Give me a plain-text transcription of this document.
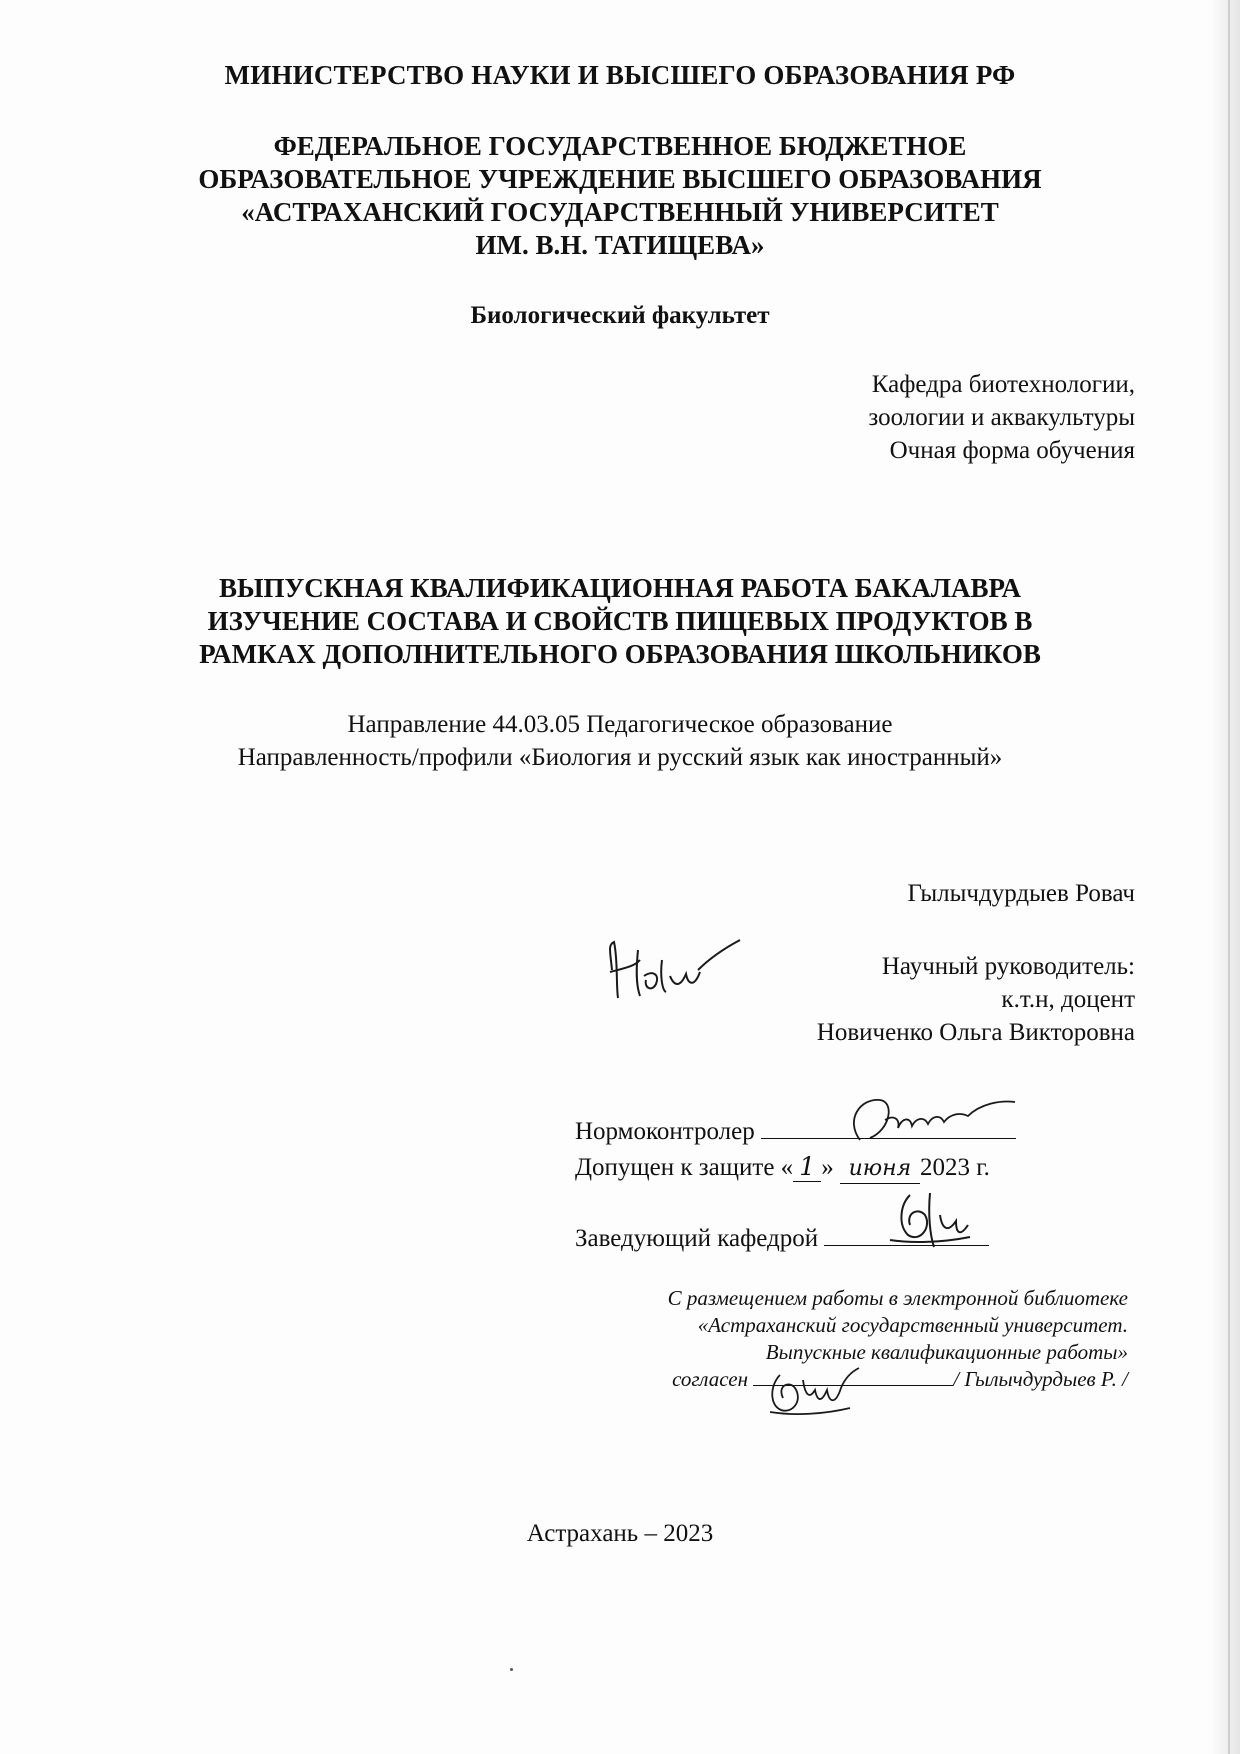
МИНИСТЕРСТВО НАУКИ И ВЫСШЕГО ОБРАЗОВАНИЯ РФ
ФЕДЕРАЛЬНОЕ ГОСУДАРСТВЕННОЕ БЮДЖЕТНОЕ
ОБРАЗОВАТЕЛЬНОЕ УЧРЕЖДЕНИЕ ВЫСШЕГО ОБРАЗОВАНИЯ
«АСТРАХАНСКИЙ ГОСУДАРСТВЕННЫЙ УНИВЕРСИТЕТ
ИМ. В.Н. ТАТИЩЕВА»
Биологический факультет
Кафедра биотехнологии,
зоологии и аквакультуры
Очная форма обучения
ВЫПУСКНАЯ КВАЛИФИКАЦИОННАЯ РАБОТА БАКАЛАВРА
ИЗУЧЕНИЕ СОСТАВА И СВОЙСТВ ПИЩЕВЫХ ПРОДУКТОВ В
РАМКАХ ДОПОЛНИТЕЛЬНОГО ОБРАЗОВАНИЯ ШКОЛЬНИКОВ
Направление 44.03.05 Педагогическое образование
Направленность/профили «Биология и русский язык как иностранный»
Гылычдурдыев Ровач
Научный руководитель:
к.т.н, доцент
Новиченко Ольга Викторовна
Нормоконтролер
Допущен к защите « 1 » июня 2023 г.
Заведующий кафедрой
С размещением работы в электронной библиотеке
«Астраханский государственный университет.
Выпускные квалификационные работы»
согласен	/ Гылычдурдыев Р. /
Астрахань – 2023
